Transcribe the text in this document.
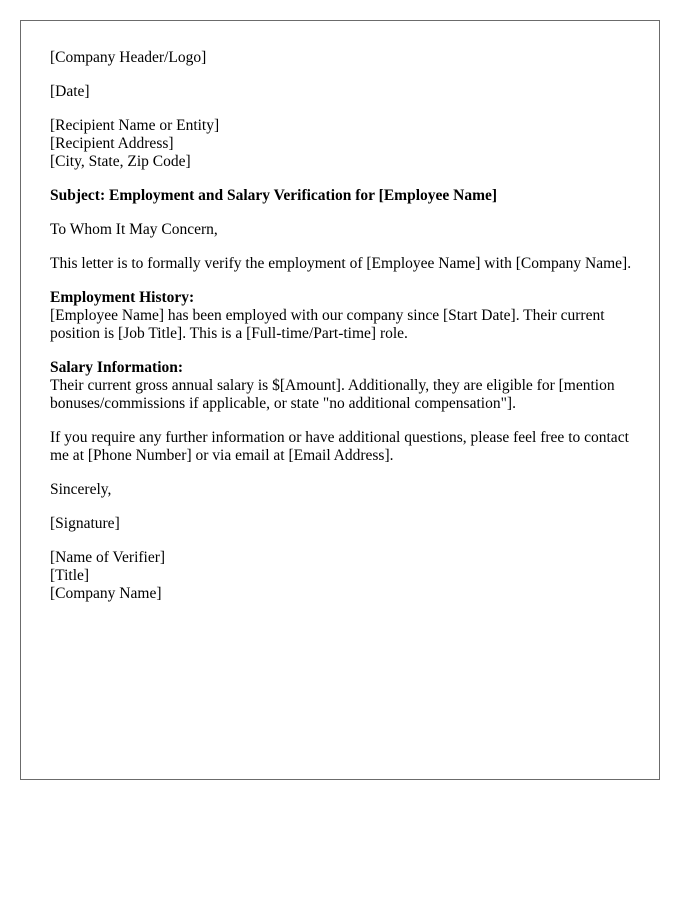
[Company Header/Logo]
[Date]
[Recipient Name or Entity]
[Recipient Address]
[City, State, Zip Code]
Subject: Employment and Salary Verification for [Employee Name]
To Whom It May Concern,
This letter is to formally verify the employment of [Employee Name] with [Company Name].
Employment History:
[Employee Name] has been employed with our company since [Start Date]. Their current position is [Job Title]. This is a [Full-time/Part-time] role.
Salary Information:
Their current gross annual salary is $[Amount]. Additionally, they are eligible for [mention bonuses/commissions if applicable, or state "no additional compensation"].
If you require any further information or have additional questions, please feel free to contact me at [Phone Number] or via email at [Email Address].
Sincerely,
[Signature]
[Name of Verifier]
[Title]
[Company Name]
